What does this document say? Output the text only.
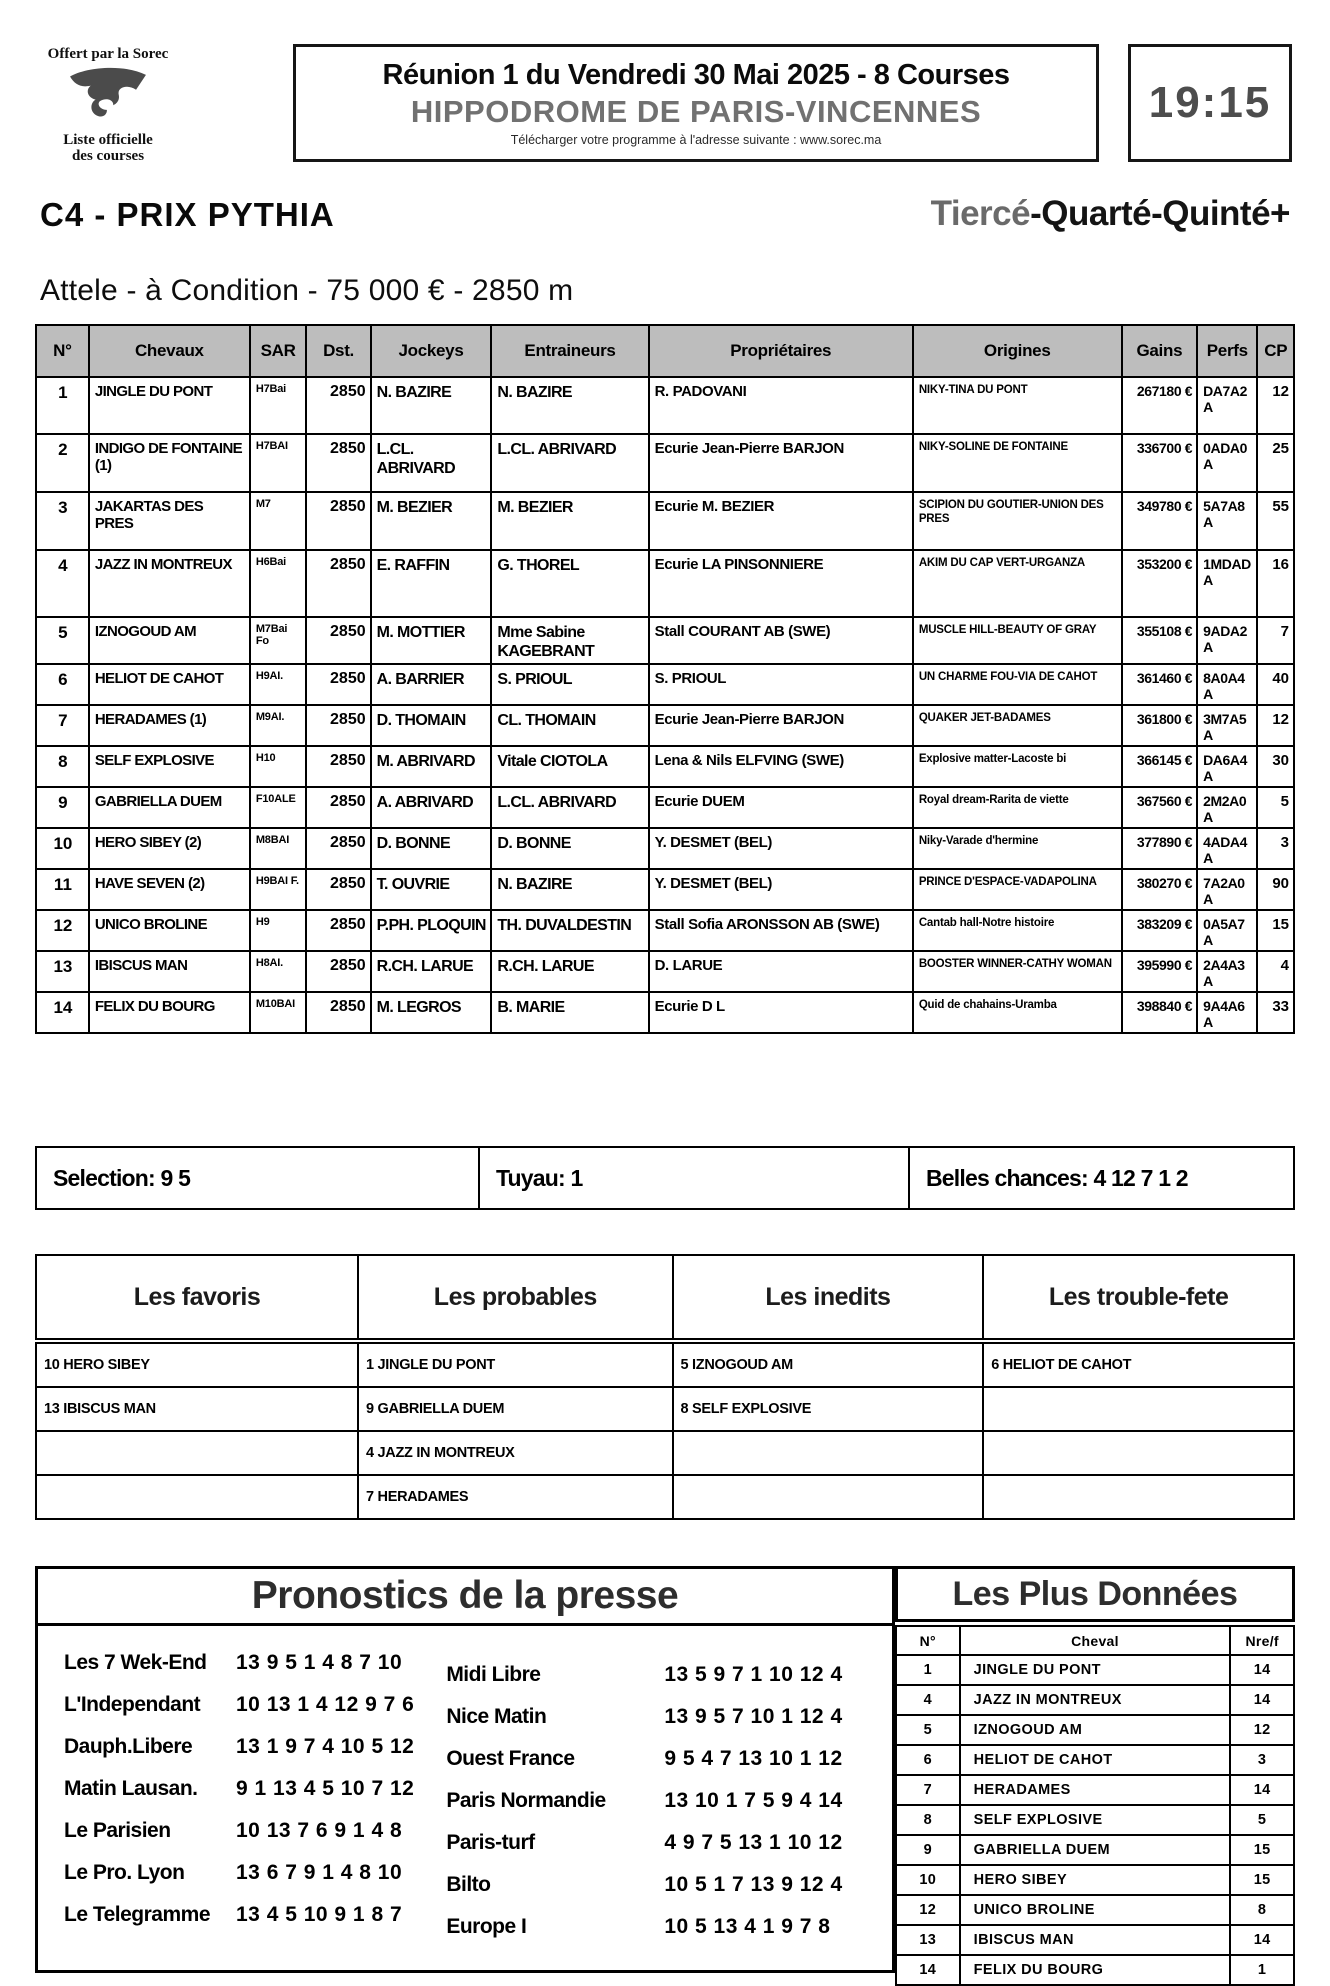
Offert par la Sorec
Liste officielle
des courses
Réunion 1 du Vendredi 30 Mai 2025 - 8 Courses
HIPPODROME DE PARIS-VINCENNES
Télécharger votre programme à l'adresse suivante : www.sorec.ma
19:15
C4 - PRIX PYTHIA	Tiercé-Quarté-Quinté+
Attele - à Condition - 75 000 € - 2850 m
N°	Chevaux	SAR	Dst.	Jockeys	Entraineurs	Propriétaires	Origines	Gains	Perfs	CP
1	JINGLE DU PONT	H7Bai	2850	N. BAZIRE	N. BAZIRE	R. PADOVANI	NIKY-TINA DU PONT	267180 €	DA7A2A	12
2	INDIGO DE FONTAINE (1)	H7BAI	2850	L.CL. ABRIVARD	L.CL. ABRIVARD	Ecurie Jean-Pierre BARJON	NIKY-SOLINE DE FONTAINE	336700 €	0ADA0A	25
3	JAKARTAS DES PRES	M7	2850	M. BEZIER	M. BEZIER	Ecurie M. BEZIER	SCIPION DU GOUTIER-UNION DES PRES	349780 €	5A7A8A	55
4	JAZZ IN MONTREUX	H6Bai	2850	E. RAFFIN	G. THOREL	Ecurie LA PINSONNIERE	AKIM DU CAP VERT-URGANZA	353200 €	1MDAD A	16
5	IZNOGOUD AM	M7Bai Fo	2850	M. MOTTIER	Mme Sabine KAGEBRANT	Stall COURANT AB (SWE)	MUSCLE HILL-BEAUTY OF GRAY	355108 €	9ADA2A	7
6	HELIOT DE CAHOT	H9AI.	2850	A. BARRIER	S. PRIOUL	S. PRIOUL	UN CHARME FOU-VIA DE CAHOT	361460 €	8A0A4A	40
7	HERADAMES (1)	M9AI.	2850	D. THOMAIN	CL. THOMAIN	Ecurie Jean-Pierre BARJON	QUAKER JET-BADAMES	361800 €	3M7A5A	12
8	SELF EXPLOSIVE	H10	2850	M. ABRIVARD	Vitale CIOTOLA	Lena & Nils ELFVING (SWE)	Explosive matter-Lacoste bi	366145 €	DA6A4A	30
9	GABRIELLA DUEM	F10ALE	2850	A. ABRIVARD	L.CL. ABRIVARD	Ecurie DUEM	Royal dream-Rarita de viette	367560 €	2M2A0A	5
10	HERO SIBEY (2)	M8BAI	2850	D. BONNE	D. BONNE	Y. DESMET (BEL)	Niky-Varade d'hermine	377890 €	4ADA4A	3
11	HAVE SEVEN (2)	H9BAI F.	2850	T. OUVRIE	N. BAZIRE	Y. DESMET (BEL)	PRINCE D'ESPACE-VADAPOLINA	380270 €	7A2A0A	90
12	UNICO BROLINE	H9	2850	P.PH. PLOQUIN	TH. DUVALDESTIN	Stall Sofia ARONSSON AB (SWE)	Cantab hall-Notre histoire	383209 €	0A5A7A	15
13	IBISCUS MAN	H8AI.	2850	R.CH. LARUE	R.CH. LARUE	D. LARUE	BOOSTER WINNER-CATHY WOMAN	395990 €	2A4A3A	4
14	FELIX DU BOURG	M10BAI	2850	M. LEGROS	B. MARIE	Ecurie D L	Quid de chahains-Uramba	398840 €	9A4A6A	33
Selection: 9 5	Tuyau: 1	Belles chances: 4 12 7 1 2
Les favoris	Les probables	Les inedits	Les trouble-fete
10 HERO SIBEY	1 JINGLE DU PONT	5 IZNOGOUD AM	6 HELIOT DE CAHOT
13 IBISCUS MAN	9 GABRIELLA DUEM	8 SELF EXPLOSIVE	
	4 JAZZ IN MONTREUX		
	7 HERADAMES		
Pronostics de la presse
Les 7 Wek-End	13 9 5 1 4 8 7 10
L'Independant	10 13 1 4 12 9 7 6
Dauph.Libere	13 1 9 7 4 10 5 12
Matin Lausan.	9 1 13 4 5 10 7 12
Le Parisien	10 13 7 6 9 1 4 8
Le Pro. Lyon	13 6 7 9 1 4 8 10
Le Telegramme	13 4 5 10 9 1 8 7
Midi Libre	13 5 9 7 1 10 12 4
Nice Matin	13 9 5 7 10 1 12 4
Ouest France	9 5 4 7 13 10 1 12
Paris Normandie	13 10 1 7 5 9 4 14
Paris-turf	4 9 7 5 13 1 10 12
Bilto	10 5 1 7 13 9 12 4
Europe I	10 5 13 4 1 9 7 8
Les Plus Données
N°	Cheval	Nre/f
1	JINGLE DU PONT	14
4	JAZZ IN MONTREUX	14
5	IZNOGOUD AM	12
6	HELIOT DE CAHOT	3
7	HERADAMES	14
8	SELF EXPLOSIVE	5
9	GABRIELLA DUEM	15
10	HERO SIBEY	15
12	UNICO BROLINE	8
13	IBISCUS MAN	14
14	FELIX DU BOURG	1
